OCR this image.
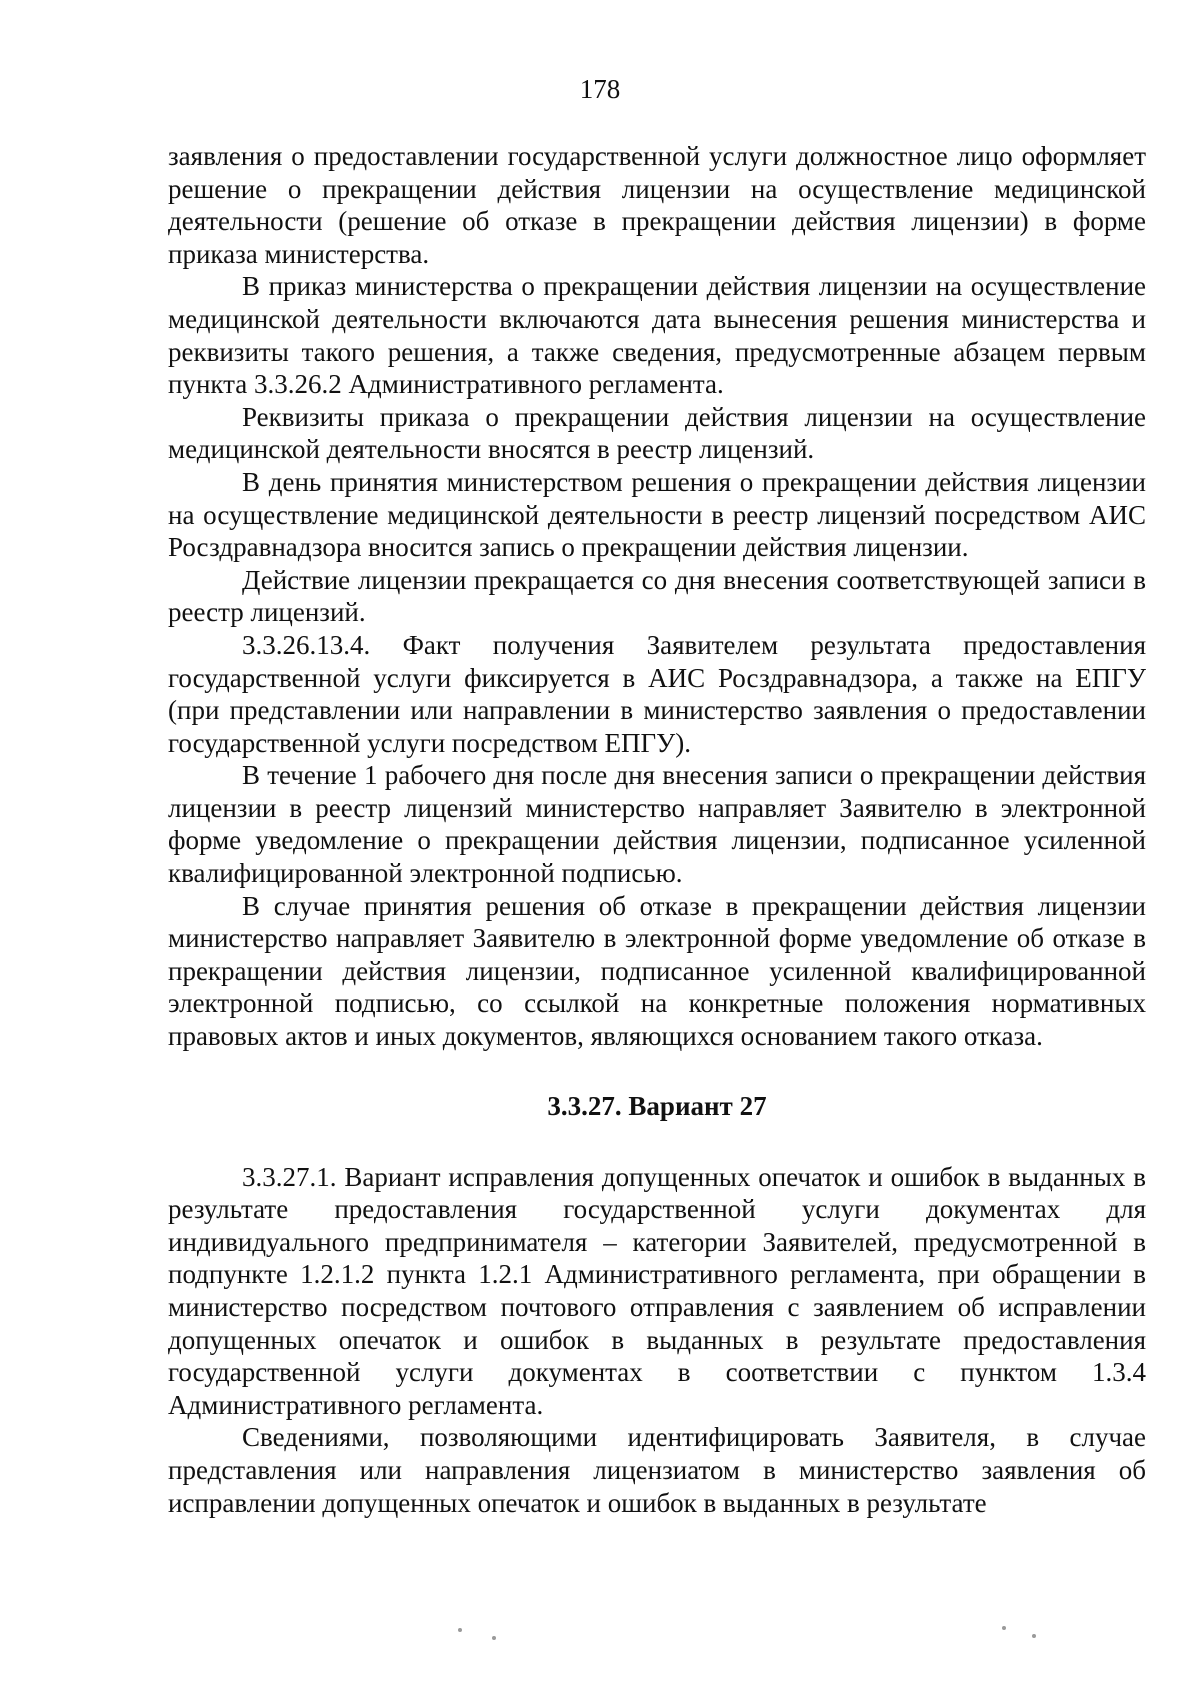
178

заявления о предоставлении государственной услуги должностное лицо оформляет решение о прекращении действия лицензии на осуществление медицинской деятельности (решение об отказе в прекращении действия лицензии) в форме приказа министерства.

В приказ министерства о прекращении действия лицензии на осуществление медицинской деятельности включаются дата вынесения решения министерства и реквизиты такого решения, а также сведения, предусмотренные абзацем первым пункта 3.3.26.2 Административного регламента.

Реквизиты приказа о прекращении действия лицензии на осуществление медицинской деятельности вносятся в реестр лицензий.

В день принятия министерством решения о прекращении действия лицензии на осуществление медицинской деятельности в реестр лицензий посредством АИС Росздравнадзора вносится запись о прекращении действия лицензии.

Действие лицензии прекращается со дня внесения соответствующей записи в реестр лицензий.

3.3.26.13.4. Факт получения Заявителем результата предоставления государственной услуги фиксируется в АИС Росздравнадзора, а также на ЕПГУ (при представлении или направлении в министерство заявления о предоставлении государственной услуги посредством ЕПГУ).

В течение 1 рабочего дня после дня внесения записи о прекращении действия лицензии в реестр лицензий министерство направляет Заявителю в электронной форме уведомление о прекращении действия лицензии, подписанное усиленной квалифицированной электронной подписью.

В случае принятия решения об отказе в прекращении действия лицензии министерство направляет Заявителю в электронной форме уведомление об отказе в прекращении действия лицензии, подписанное усиленной квалифицированной электронной подписью, со ссылкой на конкретные положения нормативных правовых актов и иных документов, являющихся основанием такого отказа.

3.3.27. Вариант 27

3.3.27.1. Вариант исправления допущенных опечаток и ошибок в выданных в результате предоставления государственной услуги документах для индивидуального предпринимателя – категории Заявителей, предусмотренной в подпункте 1.2.1.2 пункта 1.2.1 Административного регламента, при обращении в министерство посредством почтового отправления с заявлением об исправлении допущенных опечаток и ошибок в выданных в результате предоставления государственной услуги документах в соответствии с пунктом 1.3.4 Административного регламента.

Сведениями, позволяющими идентифицировать Заявителя, в случае представления или направления лицензиатом в министерство заявления об исправлении допущенных опечаток и ошибок в выданных в результате
